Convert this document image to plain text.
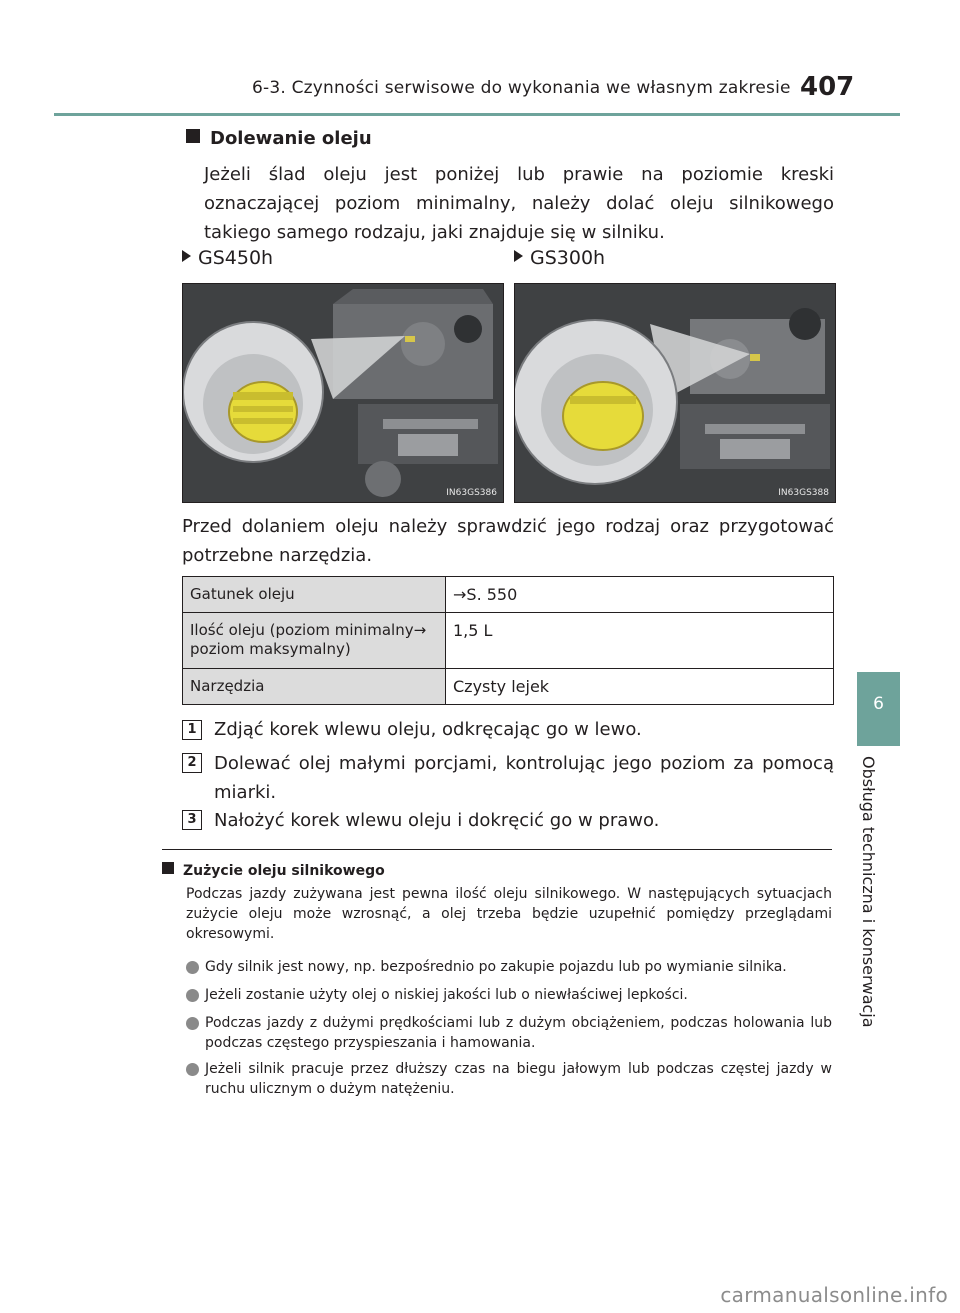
6-3. Czynności serwisowe do wykonania we własnym zakresie 407
6
Obsługa techniczna i konserwacja
Dolewanie oleju
Jeżeli ślad oleju jest poniżej lub prawie na poziomie kreski oznaczającej poziom minimalny, należy dolać oleju silnikowego takiego samego rodzaju, jaki znajduje się w silniku.
GS450h	GS300h
IN63GS386	IN63GS388
Przed dolaniem oleju należy sprawdzić jego rodzaj oraz przygotować potrzebne narzędzia.
Gatunek oleju	→S. 550
Ilość oleju (poziom minimalny→ poziom maksymalny)	1,5 L
Narzędzia	Czysty lejek
1 Zdjąć korek wlewu oleju, odkręcając go w lewo.
2 Dolewać olej małymi porcjami, kontrolując jego poziom za pomocą miarki.
3 Nałożyć korek wlewu oleju i dokręcić go w prawo.
Zużycie oleju silnikowego
Podczas jazdy zużywana jest pewna ilość oleju silnikowego. W następujących sytuacjach zużycie oleju może wzrosnąć, a olej trzeba będzie uzupełnić pomiędzy przeglądami okresowymi.
Gdy silnik jest nowy, np. bezpośrednio po zakupie pojazdu lub po wymianie silnika.
Jeżeli zostanie użyty olej o niskiej jakości lub o niewłaściwej lepkości.
Podczas jazdy z dużymi prędkościami lub z dużym obciążeniem, podczas holowania lub podczas częstego przyspieszania i hamowania.
Jeżeli silnik pracuje przez dłuższy czas na biegu jałowym lub podczas częstej jazdy w ruchu ulicznym o dużym natężeniu.
carmanualsonline.info
